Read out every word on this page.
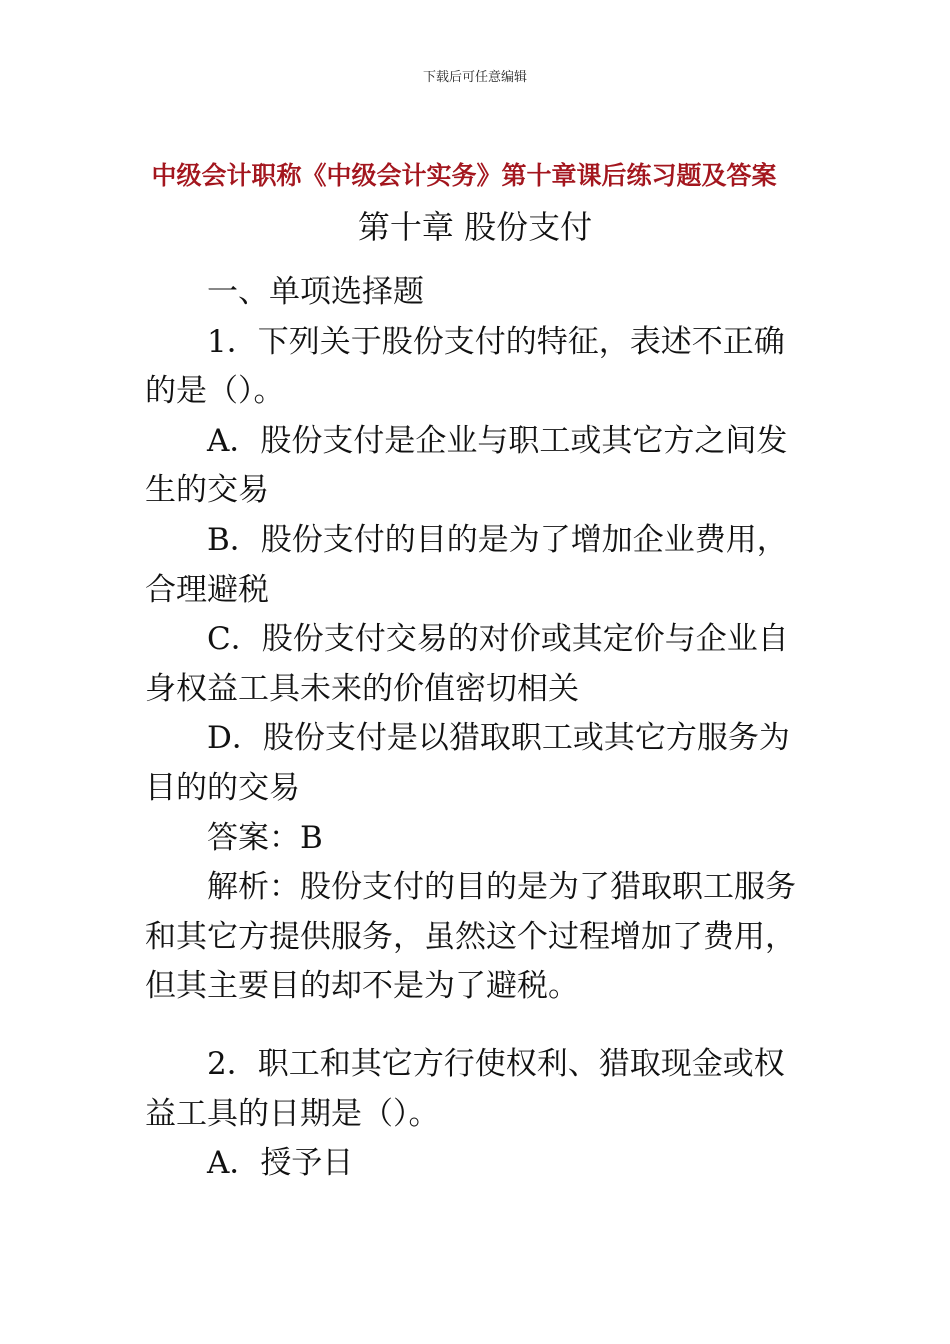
下载后可任意编辑
中级会计职称《中级会计实务》第十章课后练习题及答案
第十章 股份支付

一、单项选择题

1．下列关于股份支付的特征，表述不正确的是（）。

A．股份支付是企业与职工或其它方之间发生的交易

B．股份支付的目的是为了增加企业费用，合理避税

C．股份支付交易的对价或其定价与企业自身权益工具未来的价值密切相关

D．股份支付是以猎取职工或其它方服务为目的的交易

答案：B

解析：股份支付的目的是为了猎取职工服务和其它方提供服务，虽然这个过程增加了费用，但其主要目的却不是为了避税。

2．职工和其它方行使权利、猎取现金或权益工具的日期是（）。

A．授予日
